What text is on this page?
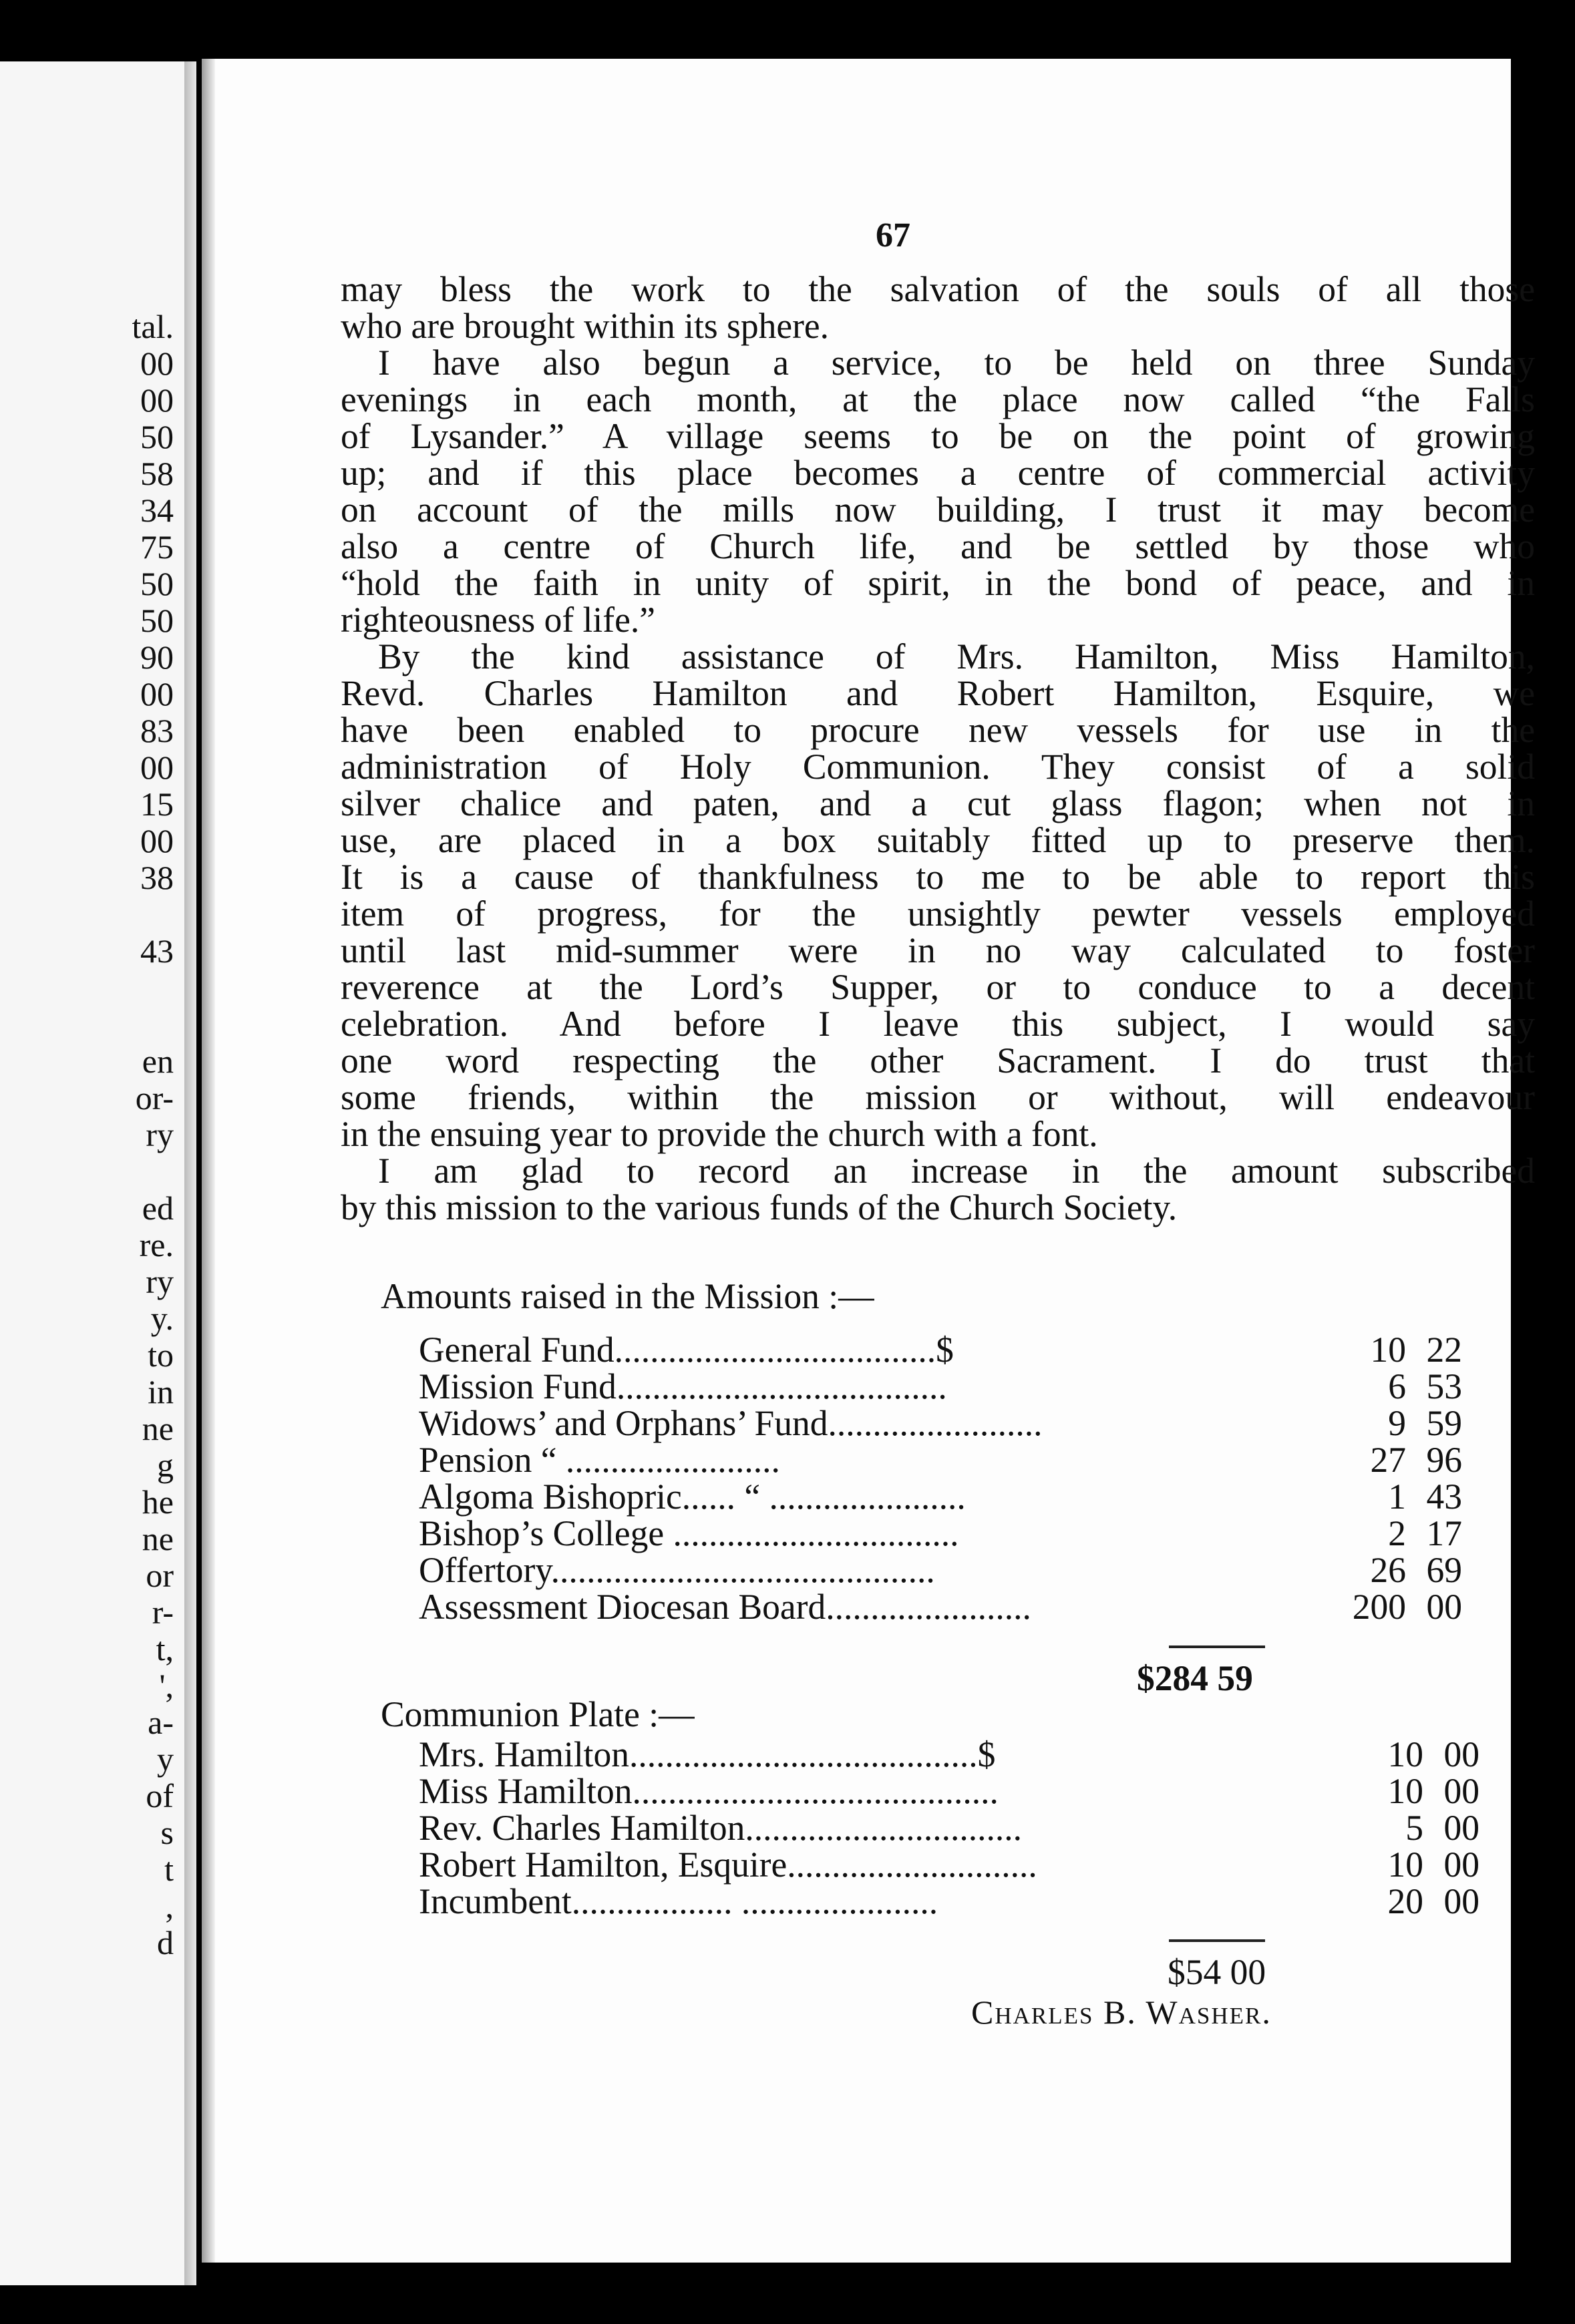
tal.
00
00
50
58
34
75
50
50
90
00
83
00
15
00
38
43
en
or-
ry
ed
re.
ry
y.
to
in
ne
g
he
ne
or
r-
t,
',
a-
y
of
s
t
,
d
67
may bless the work to the salvation of the souls of all those
who are brought within its sphere.
I have also begun a service, to be held on three Sunday
evenings in each month, at the place now called “the Falls
of Lysander.” A village seems to be on the point of growing
up; and if this place becomes a centre of commercial activity
on account of the mills now building, I trust it may become
also a centre of Church life, and be settled by those who
“hold the faith in unity of spirit, in the bond of peace, and in
righteousness of life.”
By the kind assistance of Mrs. Hamilton, Miss Hamilton,
Revd. Charles Hamilton and Robert Hamilton, Esquire, we
have been enabled to procure new vessels for use in the
administration of Holy Communion. They consist of a solid
silver chalice and paten, and a cut glass flagon; when not in
use, are placed in a box suitably fitted up to preserve them.
It is a cause of thankfulness to me to be able to report this
item of progress, for the unsightly pewter vessels employed
until last mid-summer were in no way calculated to foster
reverence at the Lord’s Supper, or to conduce to a decent
celebration. And before I leave this subject, I would say
one word respecting the other Sacrament. I do trust that
some friends, within the mission or without, will endeavour
in the ensuing year to provide the church with a font.
I am glad to record an increase in the amount subscribed
by this mission to the various funds of the Church Society.
Amounts raised in the Mission :—
General Fund....................................$	10 22
Mission Fund.....................................	6 53
Widows’ and Orphans’ Fund........................	9 59
Pension “ ........................	27 96
Algoma Bishopric...... “ ......................	1 43
Bishop’s College ................................	2 17
Offertory...........................................	26 69
Assessment Diocesan Board.......................	200 00
$284 59
Communion Plate :—
Mrs. Hamilton.......................................$	10 00
Miss Hamilton.........................................	10 00
Rev. Charles Hamilton...............................	5 00
Robert Hamilton, Esquire............................	10 00
Incumbent.................. ......................	20 00
$54 00
Charles B. Washer.
